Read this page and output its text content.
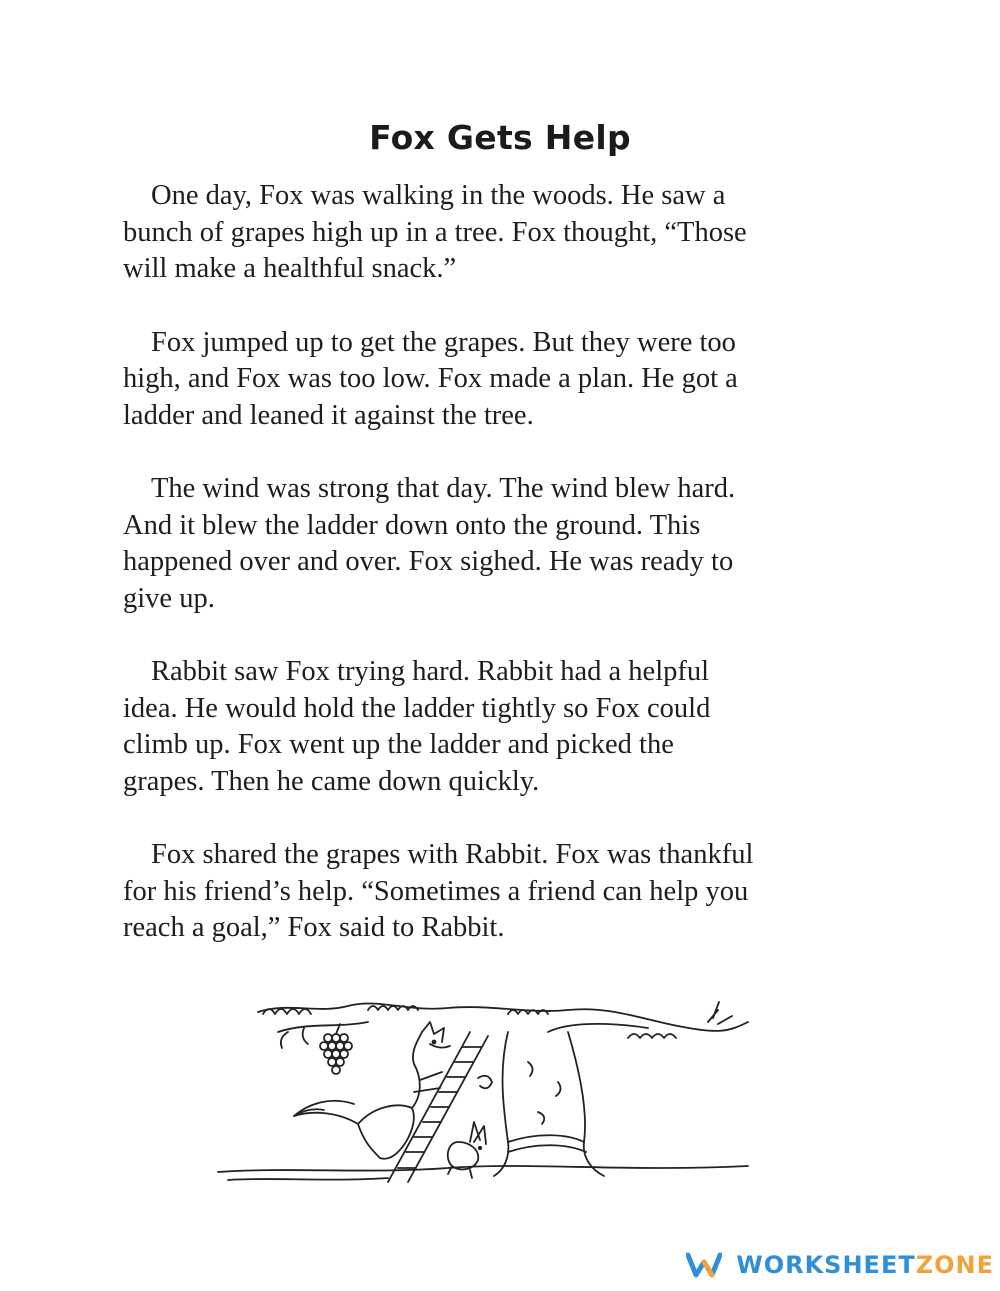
Fox Gets Help
One day, Fox was walking in the woods. He saw a
bunch of grapes high up in a tree. Fox thought, “Those
will make a healthful snack.”
Fox jumped up to get the grapes. But they were too
high, and Fox was too low. Fox made a plan. He got a
ladder and leaned it against the tree.
The wind was strong that day. The wind blew hard.
And it blew the ladder down onto the ground. This
happened over and over. Fox sighed. He was ready to
give up.
Rabbit saw Fox trying hard. Rabbit had a helpful
idea. He would hold the ladder tightly so Fox could
climb up. Fox went up the ladder and picked the
grapes. Then he came down quickly.
Fox shared the grapes with Rabbit. Fox was thankful
for his friend’s help. “Sometimes a friend can help you
reach a goal,” Fox said to Rabbit.
WORKSHEET ZONE
